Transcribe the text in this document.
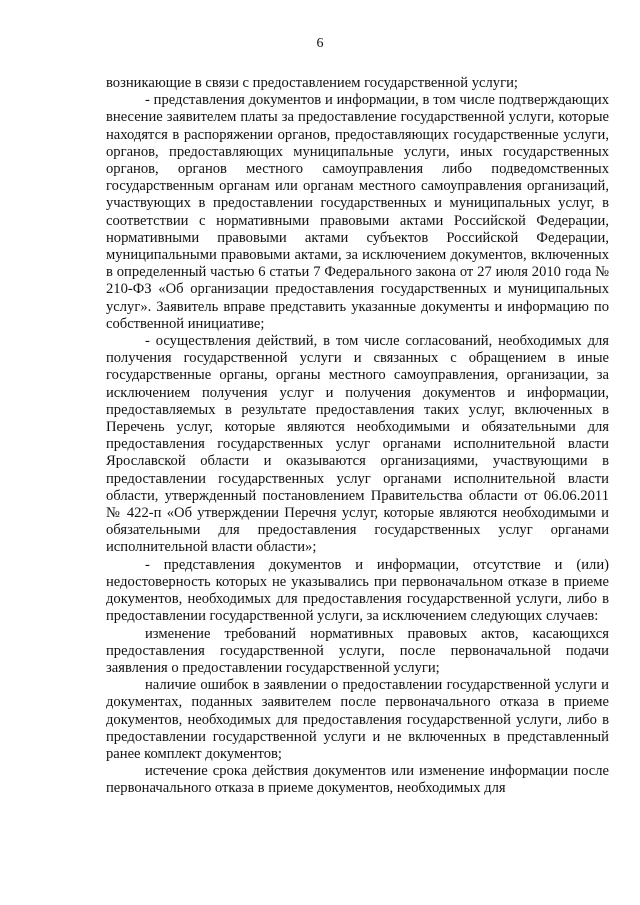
6

возникающие в связи с предоставлением государственной услуги;

- представления документов и информации, в том числе подтверждающих внесение заявителем платы за предоставление государственной услуги, которые находятся в распоряжении органов, предоставляющих государственные услуги, органов, предоставляющих муниципальные услуги, иных государственных органов, органов местного самоуправления либо подведомственных государственным органам или органам местного самоуправления организаций, участвующих в предоставлении государственных и муниципальных услуг, в соответствии с нормативными правовыми актами Российской Федерации, нормативными правовыми актами субъектов Российской Федерации, муниципальными правовыми актами, за исключением документов, включенных в определенный частью 6 статьи 7 Федерального закона от 27 июля 2010 года № 210-ФЗ «Об организации предоставления государственных и муниципальных услуг». Заявитель вправе представить указанные документы и информацию по собственной инициативе;

- осуществления действий, в том числе согласований, необходимых для получения государственной услуги и связанных с обращением в иные государственные органы, органы местного самоуправления, организации, за исключением получения услуг и получения документов и информации, предоставляемых в результате предоставления таких услуг, включенных в Перечень услуг, которые являются необходимыми и обязательными для предоставления государственных услуг органами исполнительной власти Ярославской области и оказываются организациями, участвующими в предоставлении государственных услуг органами исполнительной власти области, утвержденный постановлением Правительства области от 06.06.2011 № 422-п «Об утверждении Перечня услуг, которые являются необходимыми и обязательными для предоставления государственных услуг органами исполнительной власти области»;

- представления документов и информации, отсутствие и (или) недостоверность которых не указывались при первоначальном отказе в приеме документов, необходимых для предоставления государственной услуги, либо в предоставлении государственной услуги, за исключением следующих случаев:

изменение требований нормативных правовых актов, касающихся предоставления государственной услуги, после первоначальной подачи заявления о предоставлении государственной услуги;

наличие ошибок в заявлении о предоставлении государственной услуги и документах, поданных заявителем после первоначального отказа в приеме документов, необходимых для предоставления государственной услуги, либо в предоставлении государственной услуги и не включенных в представленный ранее комплект документов;

истечение срока действия документов или изменение информации после первоначального отказа в приеме документов, необходимых для
